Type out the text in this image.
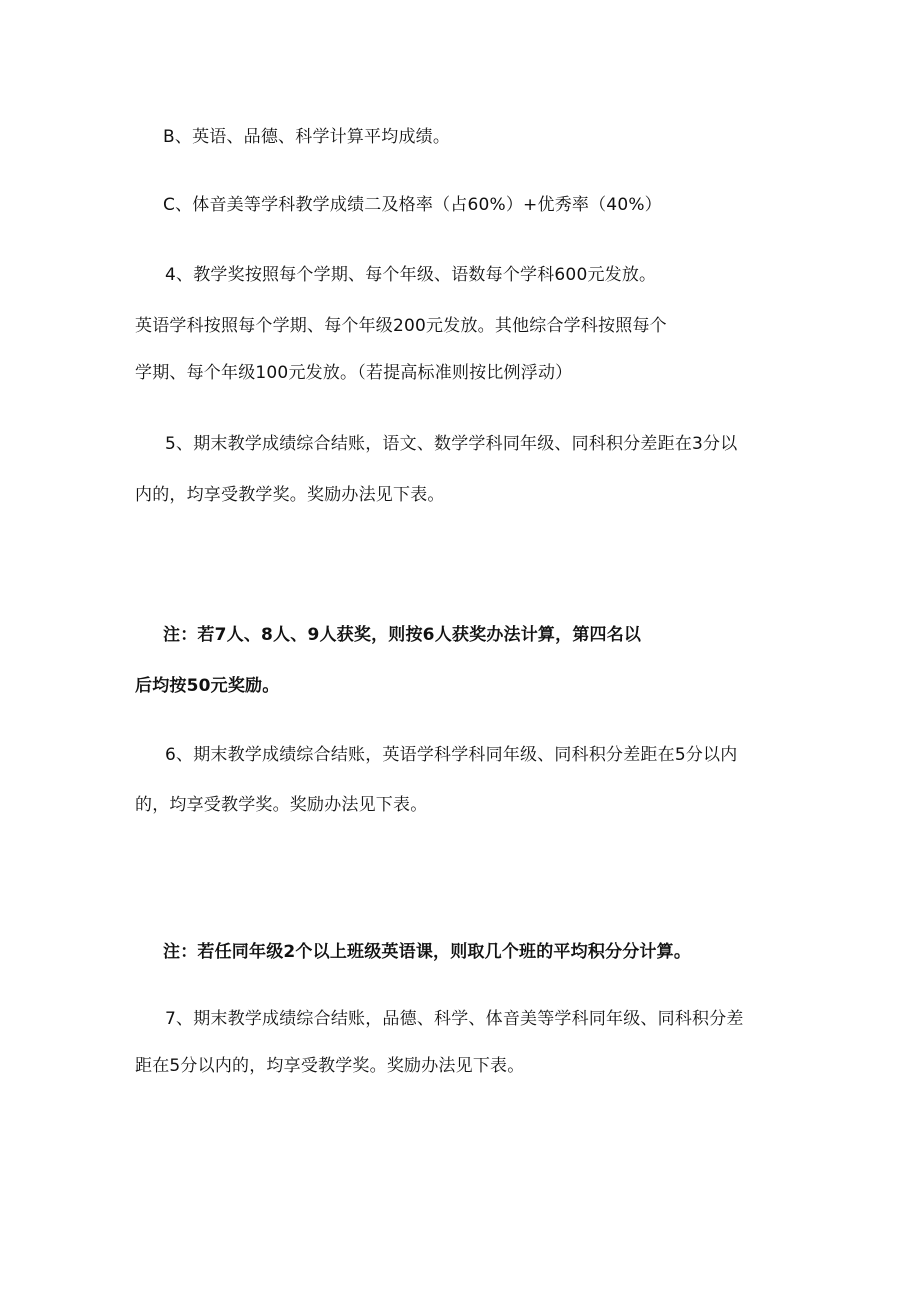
B、英语、品德、科学计算平均成绩。
C、体音美等学科教学成绩二及格率（占60%）+优秀率（40%）
4、教学奖按照每个学期、每个年级、语数每个学科600元发放。
英语学科按照每个学期、每个年级200元发放。其他综合学科按照每个
学期、每个年级100元发放。（若提高标准则按比例浮动）
5、期末教学成绩综合结账，语文、数学学科同年级、同科积分差距在3分以
内的，均享受教学奖。奖励办法见下表。
注：若7人、8人、9人获奖，则按6人获奖办法计算，第四名以
后均按50元奖励。
6、期末教学成绩综合结账，英语学科学科同年级、同科积分差距在5分以内
的，均享受教学奖。奖励办法见下表。
注：若任同年级2个以上班级英语课，则取几个班的平均积分分计算。
7、期末教学成绩综合结账，品德、科学、体音美等学科同年级、同科积分差
距在5分以内的，均享受教学奖。奖励办法见下表。
